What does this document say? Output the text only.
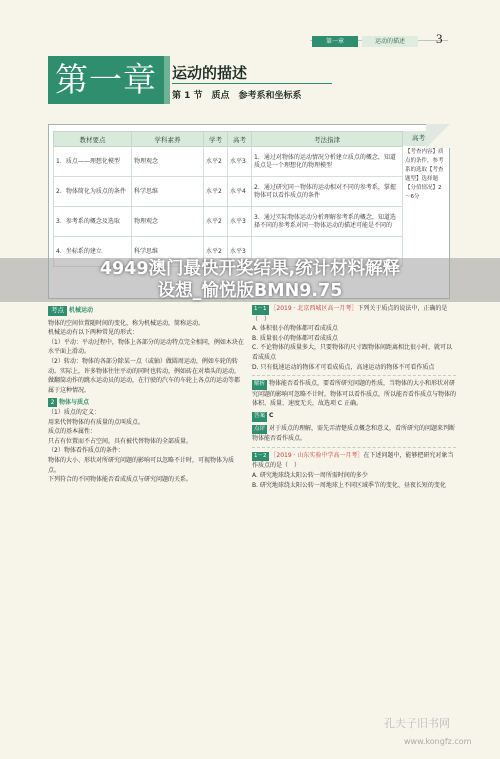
第一章	运动的描述	3
第一章	运动的描述
第 1 节　质点　参考系和坐标系
教材要点	学科素养	学考	高考	考法指津
1．质点——理想化模型	物理观念	水平2	水平3	1．通过对物体的运动情况分析建立质点的概念，知道质点是一个理想化的物理模型
2．物体简化为质点的条件	科学思维	水平2	水平4	2．通过研究同一物体的运动相对不同的参考系，掌握物体可以看作质点的条件
3．参考系的概念及选取	物理观念	水平2	水平3	3．通过实际物体运动分析理解参考系的概念，知道选择不同的参考系对同一物体运动的描述可能是不同的
4．坐标系的建立	科学思维	水平2	水平3	
高考考向
【考查内容】质点的条件，参考系的选取【考查题型】选择题【分值情况】2～6分
4949澳门最快开奖结果,统计材料解释
设想_愉悦版BMN9.75
考点 机械运动
物体的空间位置随时间的变化，称为机械运动，简称运动。
机械运动有以下两种常见的形式：
（1）平动：平动过程中，物体上各部分的运动特点完全相同，例如木块在水平面上滑动。
（2）转动：物体的各部分除某一点（或轴）做圆周运动，例如车轮的转动。实际上，许多物体往往平动的同时也转动，例如砖在对墙头的运动，做翻筒动作的跳水运动员的运动，在行驶的汽车的车轮上各点的运动等都属于这种情况。
2 物体与质点
（1）质点的定义：
用来代替物体的有质量的点叫质点。
质点的基本属性：
只占有位置而不占空间，具有被代替物体的全部质量。
（2）物体看作质点的条件：
物体的大小、形状对所研究问题的影响可以忽略不计时，可视物体为质点。
下列符合的不同物体能否看成质点与研究问题的关系。
1－1 ［2019 · 北京西城区高一月考］下列关于质点的说法中，正确的是（　）
A. 体积很小的物体都可看成质点
B. 质量很小的物体都可看成质点
C. 不论物体的质量多大，只要物体的尺寸跟物体间距离相比很小时，就可以看成质点
D. 只有低速运动的物体才可看成质点，高速运动的物体不可看作质点
解析 物体能否看作质点，要看所研究问题的性质，当物体的大小和形状对研究问题的影响可忽略不计时，物体可以看作质点，所以能否看作质点与物体的体积、质量、速度无关，故选项 C 正确。
答案 C
点评 对于质点的理解，需先弄清楚质点概念和意义，看所研究的问题来判断物体能否看作质点。
1－2 ［2019 · 山东实验中学高一月考］在下述问题中，能够把研究对象当作质点的是（　）
A. 研究地球绕太阳公转一周所需时间的多少
B. 研究地球绕太阳公转一周地球上不同区域季节的变化、昼夜长短的变化
孔夫子旧书网
www.kongfz.com
